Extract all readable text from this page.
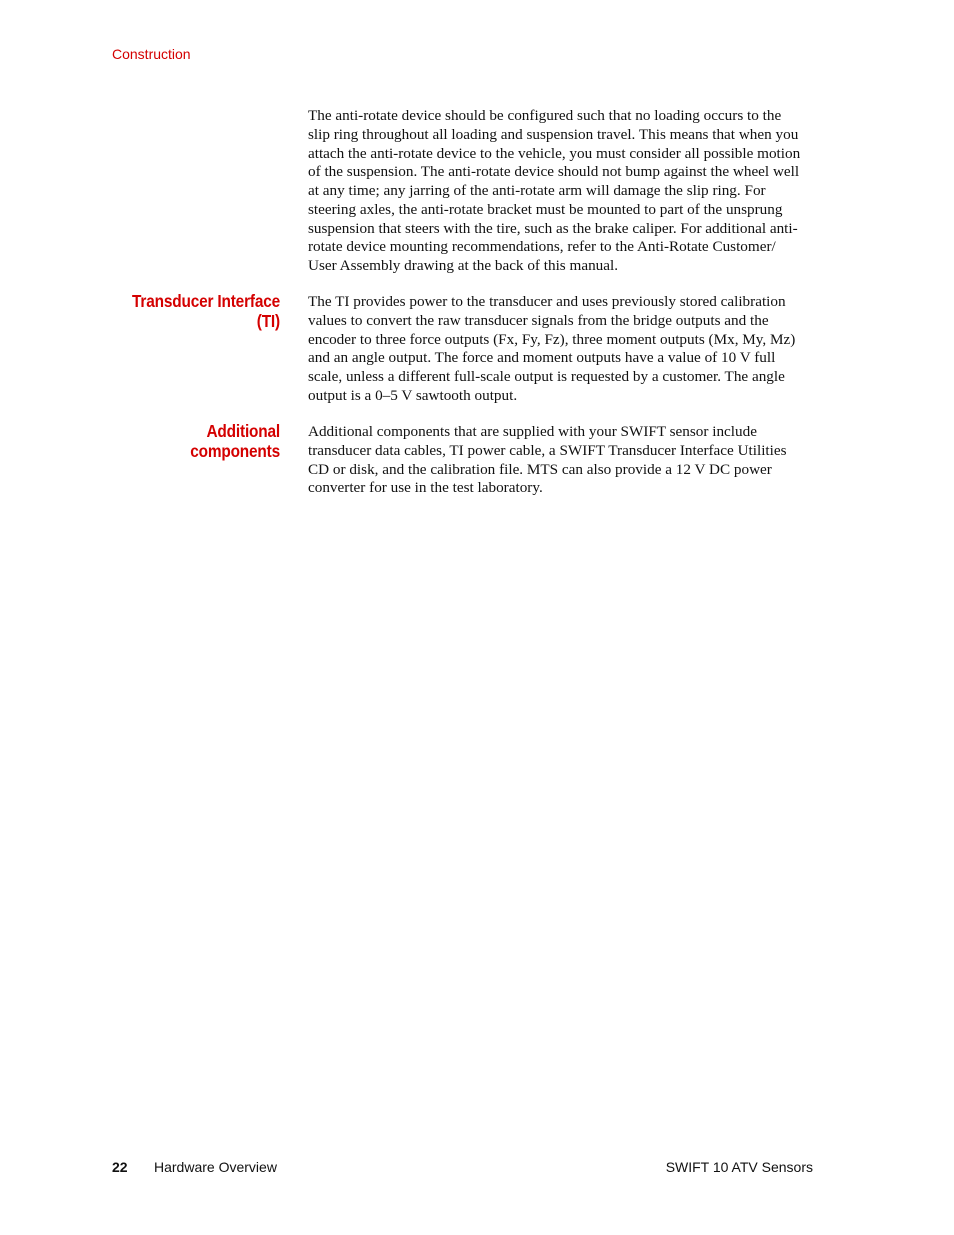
Construction
The anti-rotate device should be configured such that no loading occurs to the
slip ring throughout all loading and suspension travel. This means that when you
attach the anti-rotate device to the vehicle, you must consider all possible motion
of the suspension. The anti-rotate device should not bump against the wheel well
at any time; any jarring of the anti-rotate arm will damage the slip ring. For
steering axles, the anti-rotate bracket must be mounted to part of the unsprung
suspension that steers with the tire, such as the brake caliper. For additional anti-
rotate device mounting recommendations, refer to the Anti-Rotate Customer/
User Assembly drawing at the back of this manual.
Transducer Interface
(TI)
The TI provides power to the transducer and uses previously stored calibration
values to convert the raw transducer signals from the bridge outputs and the
encoder to three force outputs (Fx, Fy, Fz), three moment outputs (Mx, My, Mz)
and an angle output. The force and moment outputs have a value of 10 V full
scale, unless a different full-scale output is requested by a customer. The angle
output is a 0–5 V sawtooth output.
Additional
components
Additional components that are supplied with your SWIFT sensor include
transducer data cables, TI power cable, a SWIFT Transducer Interface Utilities
CD or disk, and the calibration file. MTS can also provide a 12 V DC power
converter for use in the test laboratory.
22 Hardware Overview	SWIFT 10 ATV Sensors
